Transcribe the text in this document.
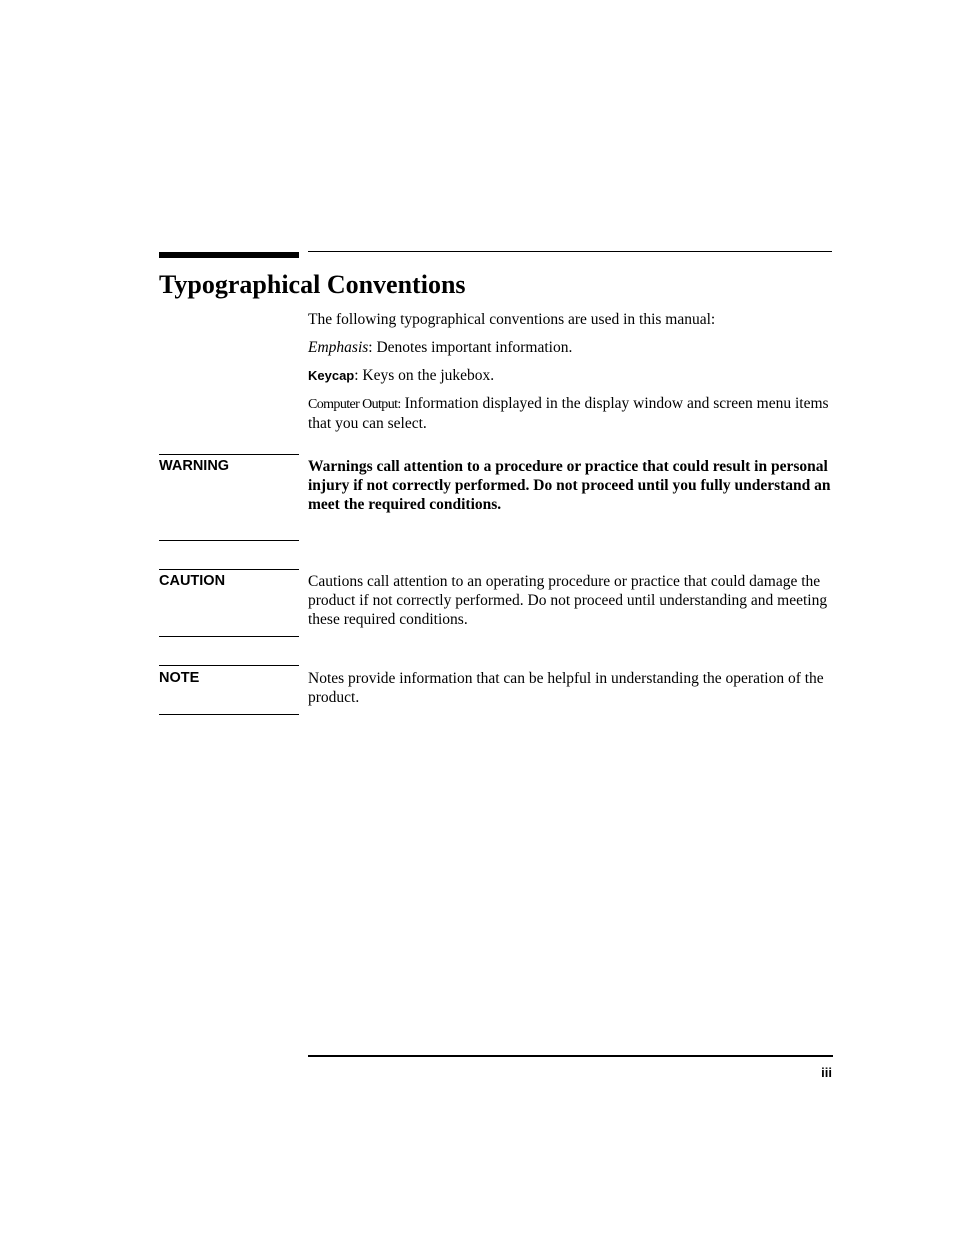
Typographical Conventions

The following typographical conventions are used in this manual:

Emphasis: Denotes important information.

Keycap: Keys on the jukebox.

Computer Output: Information displayed in the display window and screen menu items that you can select.

WARNING	Warnings call attention to a procedure or practice that could result in personal injury if not correctly performed. Do not proceed until you fully understand an meet the required conditions.

CAUTION	Cautions call attention to an operating procedure or practice that could damage the product if not correctly performed. Do not proceed until understanding and meeting these required conditions.

NOTE	Notes provide information that can be helpful in understanding the operation of the product.

iii
